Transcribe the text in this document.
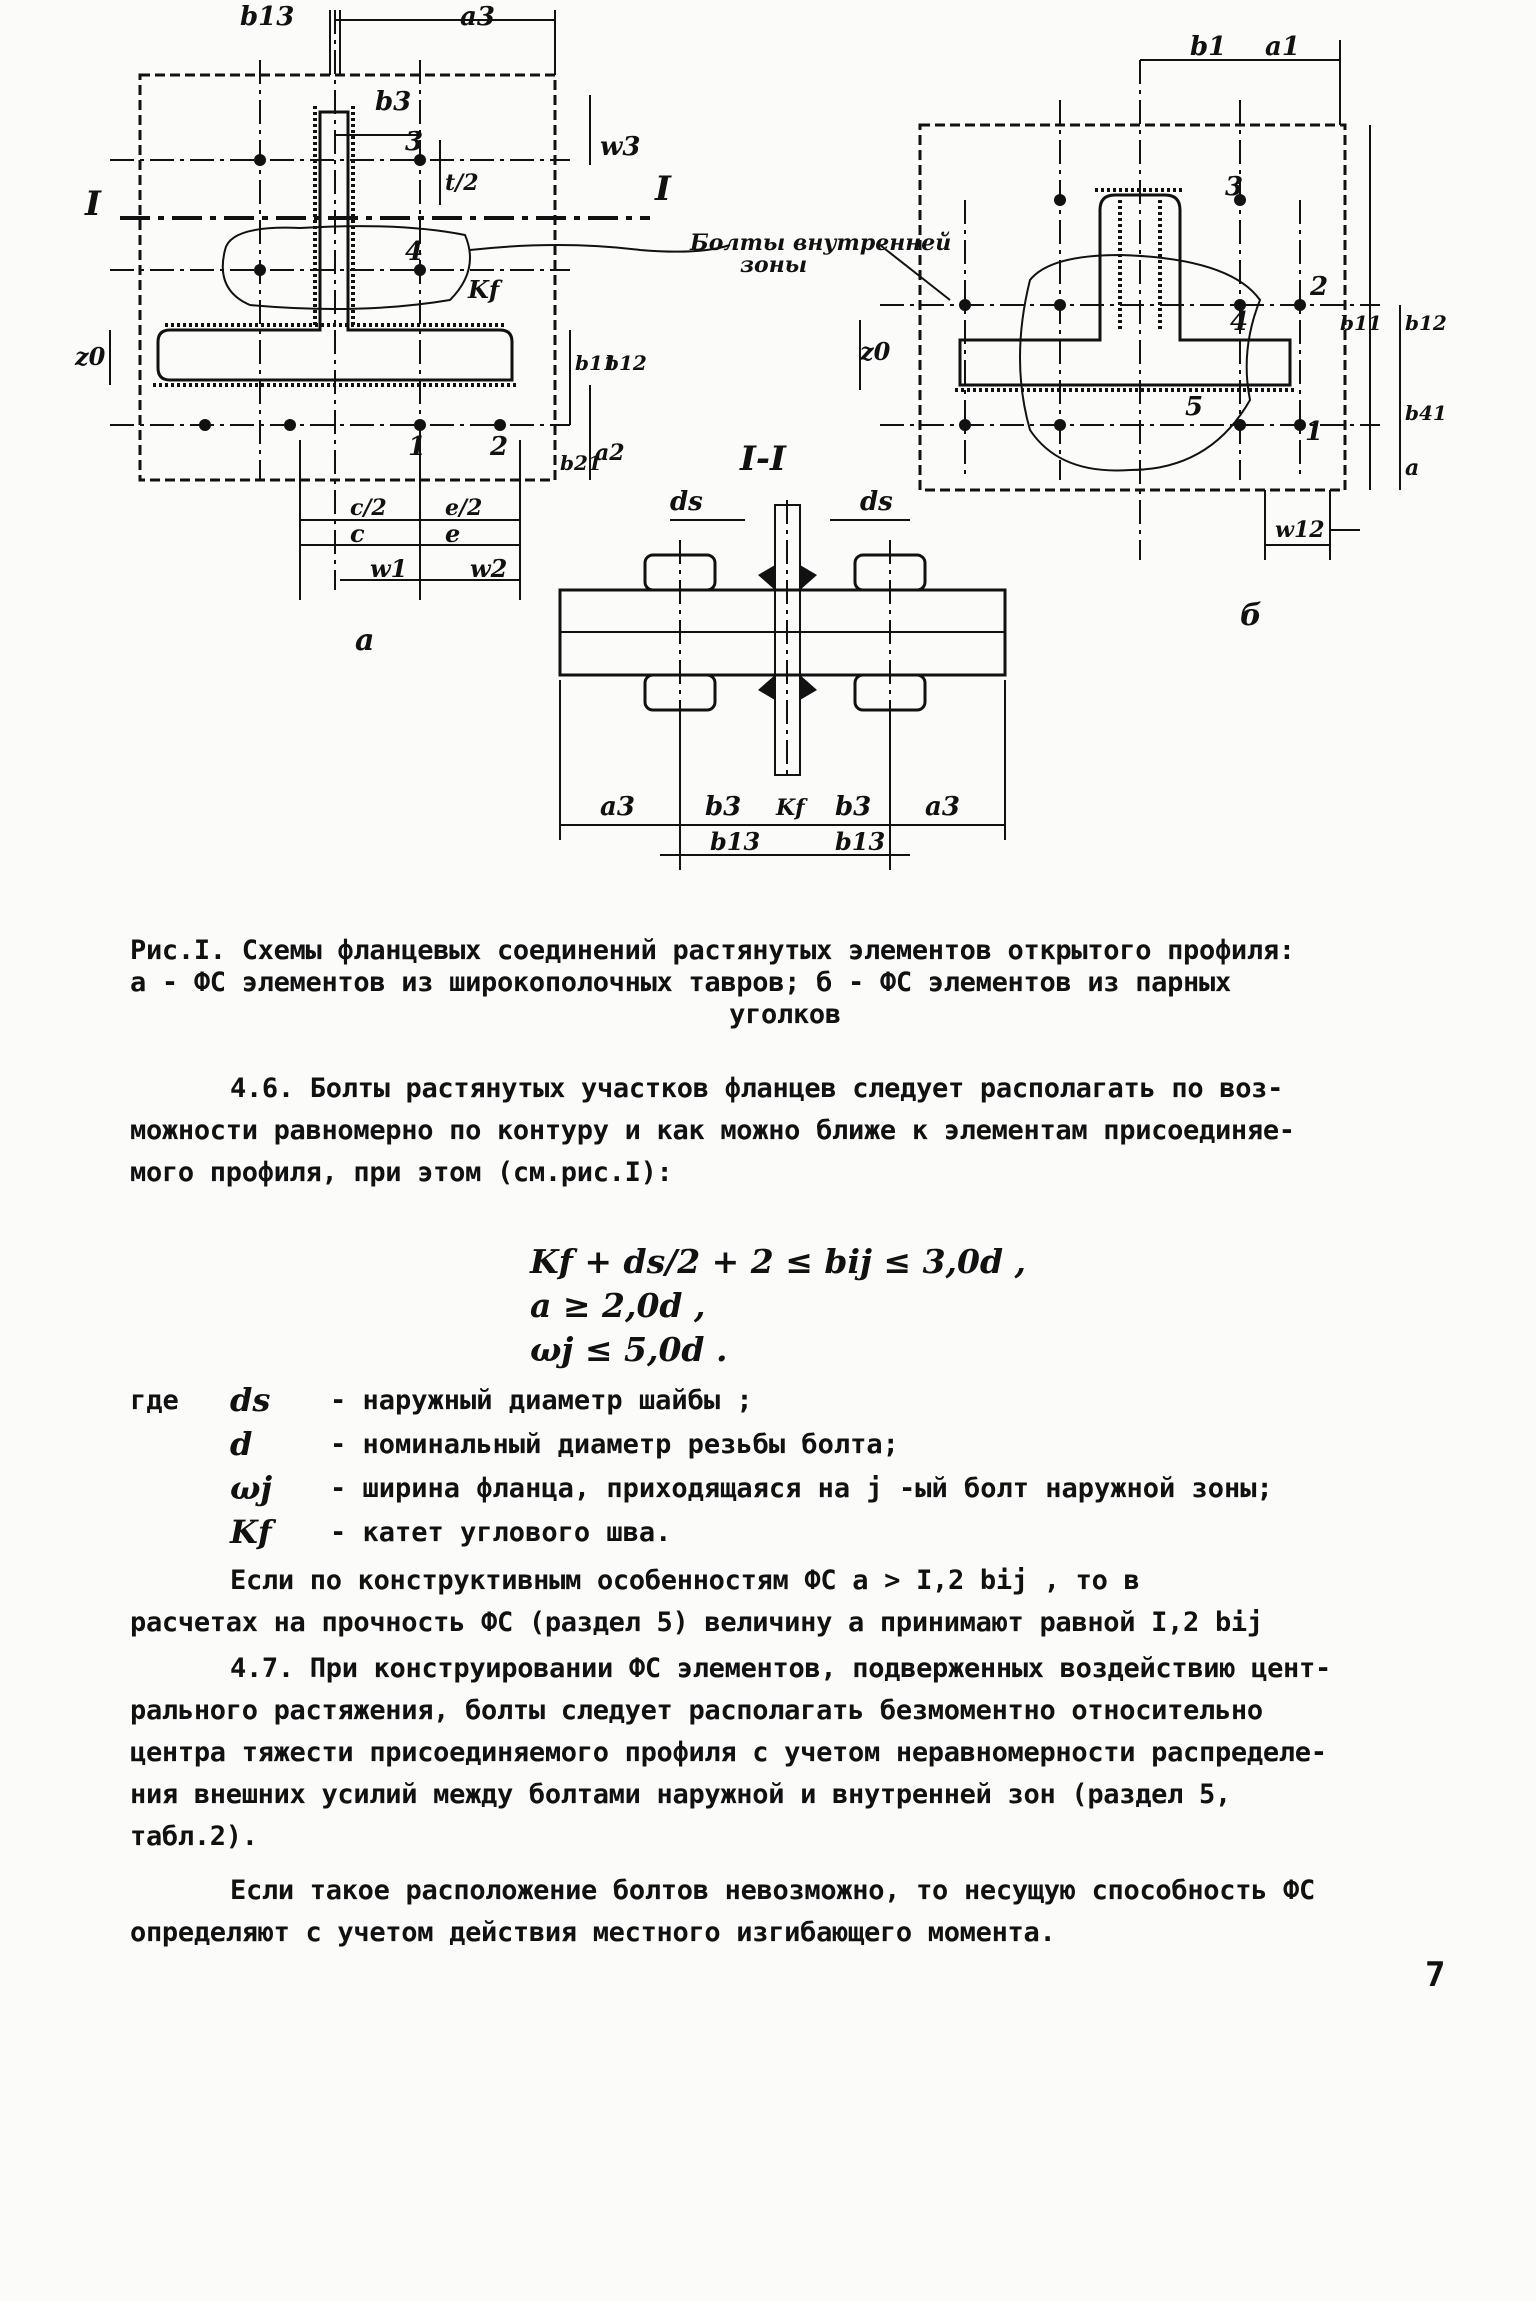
b13	a3
b3
w3
t/2
Kf
z0
a2
c/2	e/2
c	e
w1	w2
b11
b12
b21
3
4
1 2
I	I
а
Болты внутренней
зоны
b1 a1
z0
b11 b12
w12
b41
a
3
2
4
5
1
б
I-I
ds	ds
a3	a3
b3	b3
Kf
b13	b13
Рис.I. Схемы фланцевых соединений растянутых элементов открытого профиля:
а - ФС элементов из широкополочных тавров; б - ФС элементов из парных
уголков
4.6. Болты растянутых участков фланцев следует располагать по воз-
можности равномерно по контуру и как можно ближе к элементам присоединяе-
мого профиля, при этом (см.рис.I):
Kf + ds/2 + 2 ≤ bij ≤ 3,0d ,
a ≥ 2,0d ,
ωj ≤ 5,0d .
где ds - наружный диаметр шайбы ;
d	- номинальный диаметр резьбы болта;
ωj - ширина фланца, приходящаяся на j -ый болт наружной зоны;
Kf - катет углового шва.
Если по конструктивным особенностям ФС a > I,2 bij , то в
расчетах на прочность ФС (раздел 5) величину a принимают равной I,2 bij
4.7. При конструировании ФС элементов, подверженных воздействию цент-
рального растяжения, болты следует располагать безмоментно относительно
центра тяжести присоединяемого профиля с учетом неравномерности распределе-
ния внешних усилий между болтами наружной и внутренней зон (раздел 5,
табл.2).
Если такое расположение болтов невозможно, то несущую способность ФС
определяют с учетом действия местного изгибающего момента.
7
